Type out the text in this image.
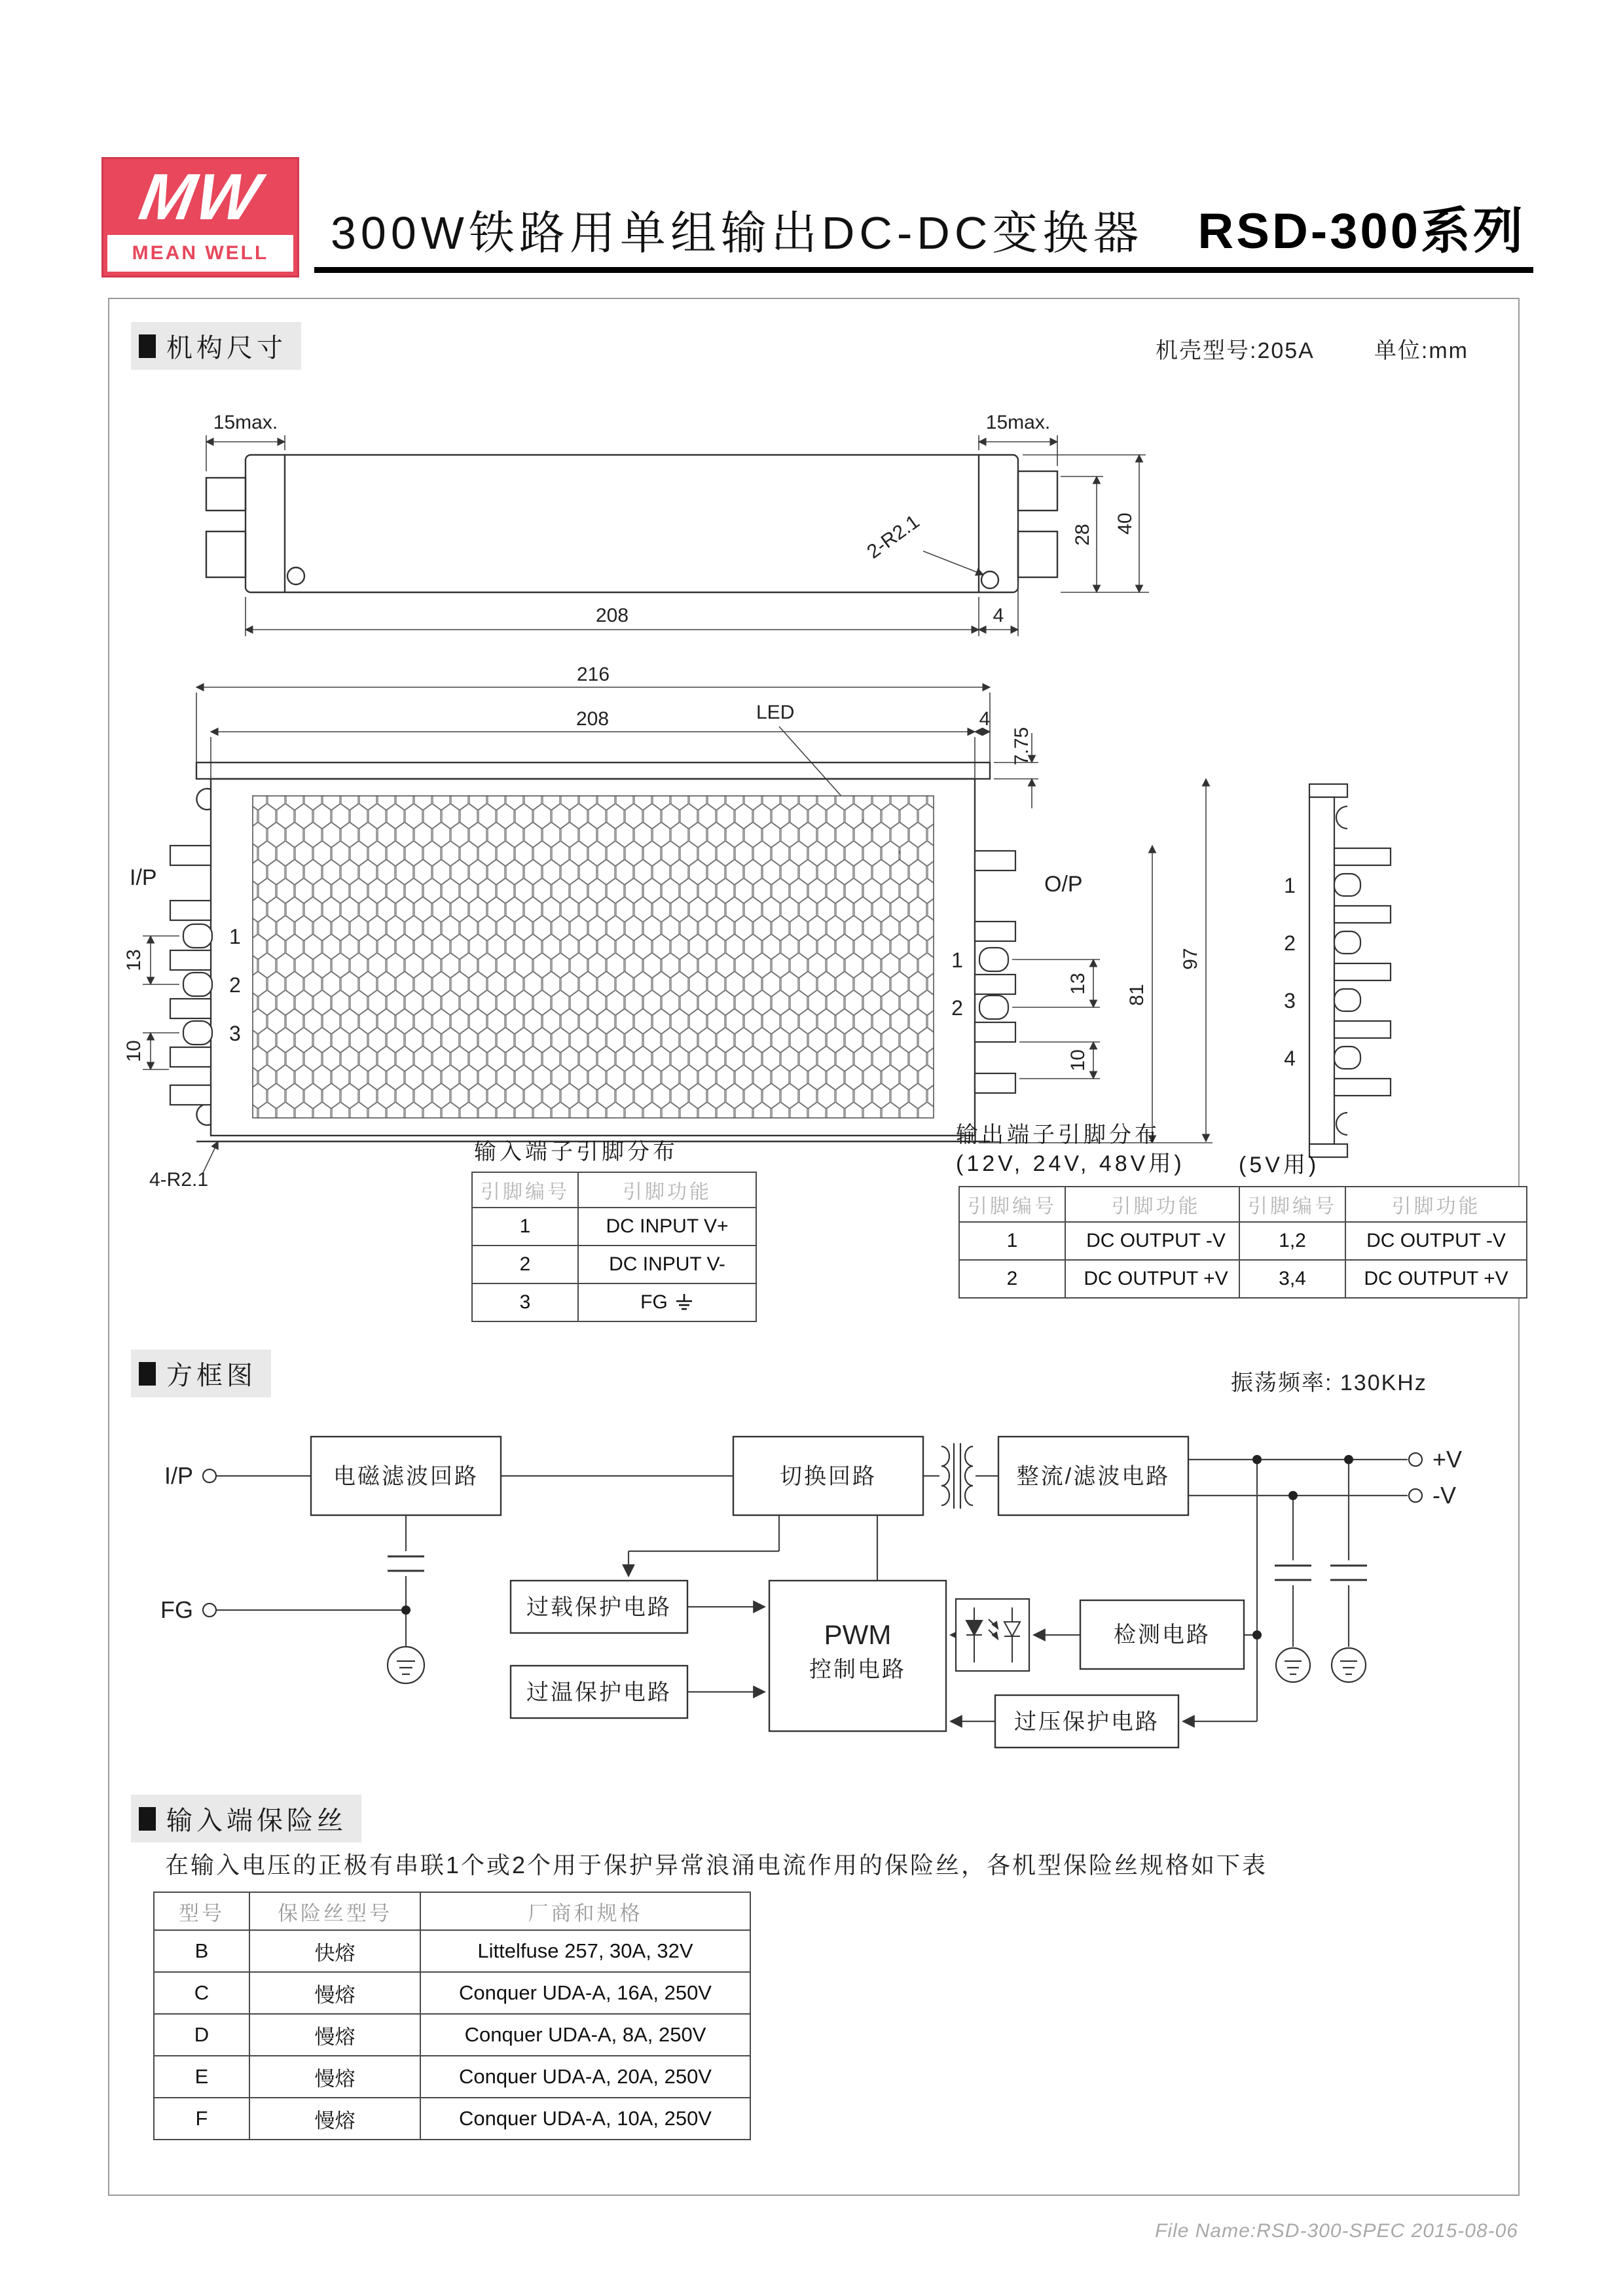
MW
MEAN WELL 300W铁路用单组输出DC-DC变换器 RSD-300系列
机构尺寸	机壳型号:205A	单位:mm
15max.	15max.
28
40
208	4
2-R2.1
I/P
1
2
3
13
10
O/P
1
2
13
10
81
97
216
208	4
7.75
LED
4-R2.1
1
2
3
4
输入端子引脚分布
引脚编号	引脚功能
1	DC INPUT V+
2	DC INPUT V-
3	FG
输出端子引脚分布
(12V, 24V, 48V用)
引脚编号	引脚功能
1	DC OUTPUT -V
2	DC OUTPUT +V
(5V用)
引脚编号	引脚功能
1,2	DC OUTPUT -V
3,4	DC OUTPUT +V
方框图	振荡频率: 130KHz
电磁滤波回路	切换回路	整流/滤波电路
过载保护电路
过温保护电路
PWM
控制电路
检测电路
过压保护电路
I/P
FG
+V
-V
输入端保险丝
在输入电压的正极有串联1个或2个用于保护异常浪涌电流作用的保险丝，各机型保险丝规格如下表
型号	保险丝型号	厂商和规格
B	快熔	Littelfuse 257, 30A, 32V
C	慢熔	Conquer UDA-A, 16A, 250V
D	慢熔	Conquer UDA-A, 8A, 250V
E	慢熔	Conquer UDA-A, 20A, 250V
F	慢熔	Conquer UDA-A, 10A, 250V
File Name:RSD-300-SPEC 2015-08-06
